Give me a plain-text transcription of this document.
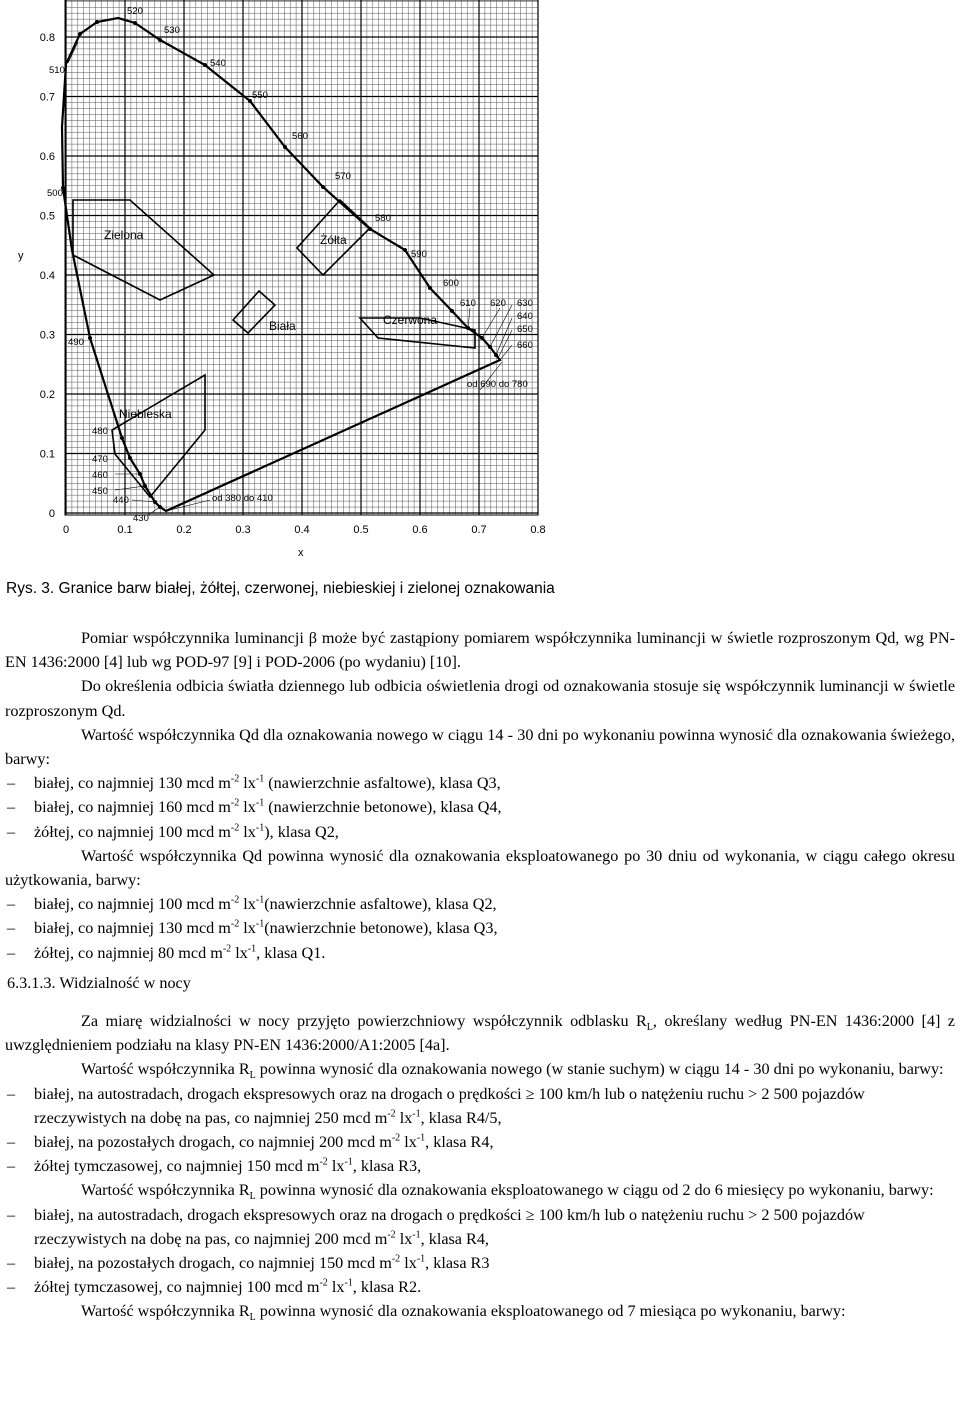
0	0.1	0.2	0.3	0.4	0.5	0.6	0.7	0.8
0
0.1
0.2
0.3
0.4
0.5
0.6
0.7
0.8
y
x
520
530
510
540
550
560
500
570
580
590
600
610 620 630
640
650
660
490
od 690 do 780
480
470
460
450
440
430
od 380 do 410
Zielona	Żółta
Biała	Czerwona
Niebieska
Rys. 3. Granice barw białej, żółtej, czerwonej, niebieskiej i zielonej oznakowania

Pomiar współczynnika luminancji β może być zastąpiony pomiarem współczynnika luminancji w świetle rozproszonym Qd, wg PN-EN 1436:2000 [4] lub wg POD-97 [9] i POD-2006 (po wydaniu) [10].

Do określenia odbicia światła dziennego lub odbicia oświetlenia drogi od oznakowania stosuje się współczynnik luminancji w świetle rozproszonym Qd.

Wartość współczynnika Qd dla oznakowania nowego w ciągu 14 - 30 dni po wykonaniu powinna wynosić dla oznakowania świeżego, barwy:

– białej, co najmniej 130 mcd $m^{-2}$ $lx^{-1}$ (nawierzchnie asfaltowe), klasa Q3,

– białej, co najmniej 160 mcd $m^{-2}$ $lx^{-1}$ (nawierzchnie betonowe), klasa Q4,

– żółtej, co najmniej 100 mcd $m^{-2}$ $lx^{-1}$), klasa Q2,

Wartość współczynnika Qd powinna wynosić dla oznakowania eksploatowanego po 30 dniu od wykonania, w ciągu całego okresu użytkowania, barwy:

– białej, co najmniej 100 mcd $m^{-2}$ $lx^{-1}(nawierzchnie$ asfaltowe), klasa Q2,

– białej, co najmniej 130 mcd $m^{-2}$ $lx^{-1}(nawierzchnie$ betonowe), klasa Q3,

– żółtej, co najmniej 80 mcd $m^{-2}$ $lx^{-1}$, klasa Q1.

6.3.1.3. Widzialność w nocy

Za miarę widzialności w nocy przyjęto powierzchniowy współczynnik odblasku $R_L$, określany według PN-EN 1436:2000 [4] z uwzględnieniem podziału na klasy PN-EN 1436:2000/A1:2005 [4a].

Wartość współczynnika $R_L$ powinna wynosić dla oznakowania nowego (w stanie suchym) w ciągu 14 - 30 dni po wykonaniu, barwy:

– białej, na autostradach, drogach ekspresowych oraz na drogach o prędkości ≥ 100 km/h lub o natężeniu ruchu > 2 500 pojazdów rzeczywistych na dobę na pas, co najmniej 250 mcd $m^{-2}$ $lx^{-1}$, klasa R4/5,

– białej, na pozostałych drogach, co najmniej 200 mcd $m^{-2}$ $lx^{-1}$, klasa R4,

– żółtej tymczasowej, co najmniej 150 mcd $m^{-2}$ $lx^{-1}$, klasa R3,

Wartość współczynnika $R_L$ powinna wynosić dla oznakowania eksploatowanego w ciągu od 2 do 6 miesięcy po wykonaniu, barwy:

– białej, na autostradach, drogach ekspresowych oraz na drogach o prędkości ≥ 100 km/h lub o natężeniu ruchu > 2 500 pojazdów rzeczywistych na dobę na pas, co najmniej 200 mcd $m^{-2}$ $lx^{-1}$, klasa R4,

– białej, na pozostałych drogach, co najmniej 150 mcd $m^{-2}$ $lx^{-1}$, klasa R3

– żółtej tymczasowej, co najmniej 100 mcd $m^{-2}$ $lx^{-1}$, klasa R2.

Wartość współczynnika $R_L$ powinna wynosić dla oznakowania eksploatowanego od 7 miesiąca po wykonaniu, barwy:
